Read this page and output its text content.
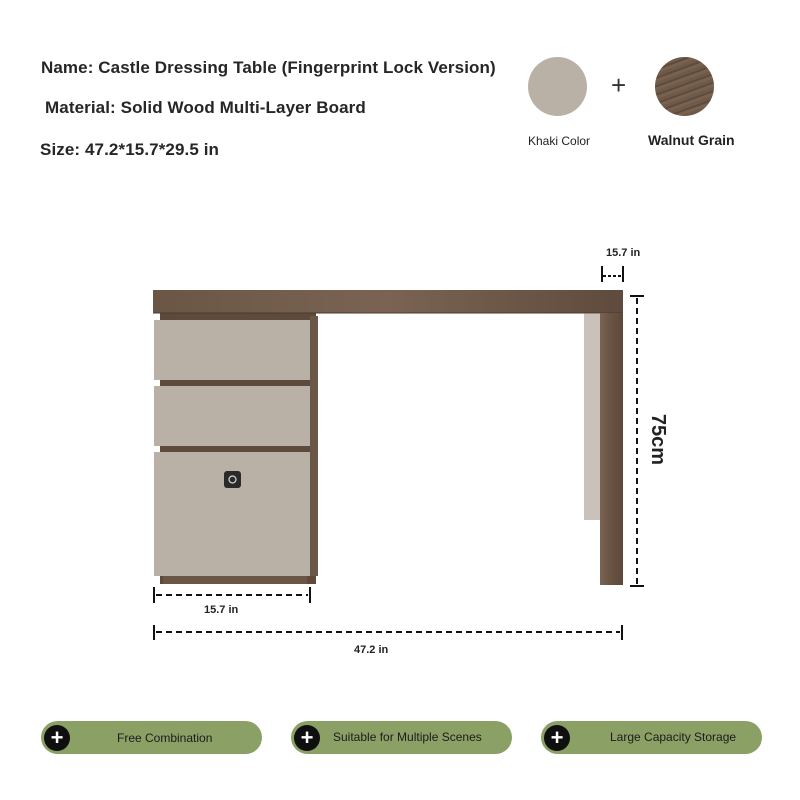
Name: Castle Dressing Table (Fingerprint Lock Version)
Material: Solid Wood Multi-Layer Board
Size: 47.2*15.7*29.5 in
+
Khaki Color	Walnut Grain
15.7 in
75cm
15.7 in
47.2 in
+	Free Combination	+	Suitable for Multiple Scenes	+	Large Capacity Storage
